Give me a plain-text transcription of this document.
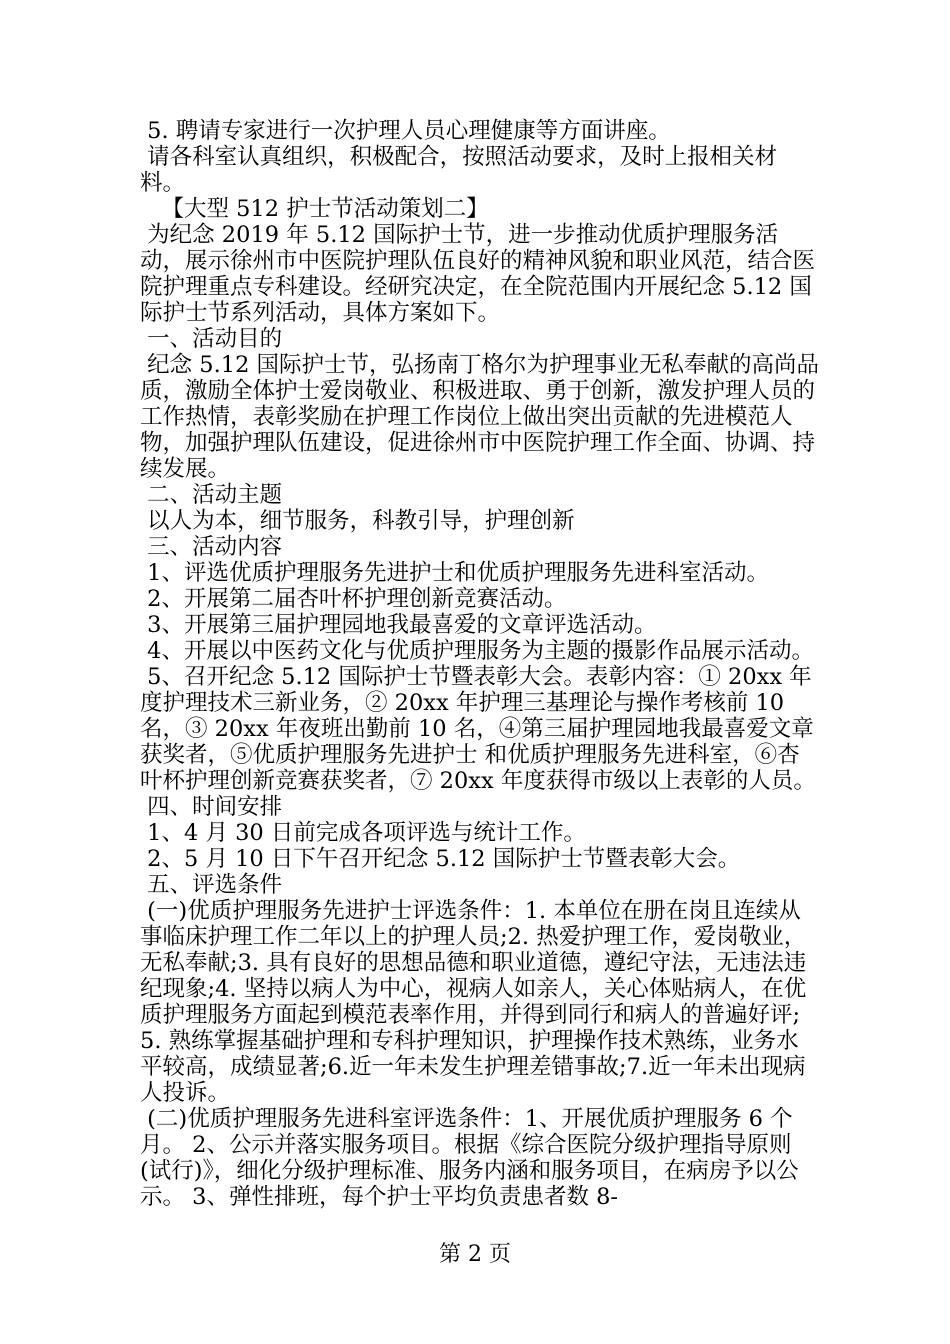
5. 聘请专家进行一次护理人员心理健康等方面讲座。

请各科室认真组织，积极配合，按照活动要求，及时上报相关材料。

【大型 512 护士节活动策划二】

为纪念 2019 年 5.12 国际护士节，进一步推动优质护理服务活动，展示徐州市中医院护理队伍良好的精神风貌和职业风范，结合医院护理重点专科建设。经研究决定，在全院范围内开展纪念 5.12 国际护士节系列活动，具体方案如下。

一、活动目的

纪念 5.12 国际护士节，弘扬南丁格尔为护理事业无私奉献的高尚品质，激励全体护士爱岗敬业、积极进取、勇于创新，激发护理人员的工作热情，表彰奖励在护理工作岗位上做出突出贡献的先进模范人物，加强护理队伍建设，促进徐州市中医院护理工作全面、协调、持续发展。

二、活动主题

以人为本，细节服务，科教引导，护理创新

三、活动内容

1、评选优质护理服务先进护士和优质护理服务先进科室活动。

2、开展第二届杏叶杯护理创新竞赛活动。

3、开展第三届护理园地我最喜爱的文章评选活动。

4、开展以中医药文化与优质护理服务为主题的摄影作品展示活动。

5、召开纪念 5.12 国际护士节暨表彰大会。表彰内容：① 20xx 年度护理技术三新业务，② 20xx 年护理三基理论与操作考核前 10 名，③ 20xx 年夜班出勤前 10 名，④第三届护理园地我最喜爱文章获奖者，⑤优质护理服务先进护士 和优质护理服务先进科室，⑥杏叶杯护理创新竞赛获奖者，⑦ 20xx 年度获得市级以上表彰的人员。

四、时间安排

1、4 月 30 日前完成各项评选与统计工作。

2、5 月 10 日下午召开纪念 5.12 国际护士节暨表彰大会。

五、评选条件

(一)优质护理服务先进护士评选条件：1. 本单位在册在岗且连续从事临床护理工作二年以上的护理人员;2. 热爱护理工作，爱岗敬业，无私奉献;3. 具有良好的思想品德和职业道德，遵纪守法，无违法违纪现象;4. 坚持以病人为中心，视病人如亲人，关心体贴病人，在优质护理服务方面起到模范表率作用，并得到同行和病人的普遍好评;5. 熟练掌握基础护理和专科护理知识，护理操作技术熟练，业务水平较高，成绩显著;6.近一年未发生护理差错事故;7.近一年未出现病人投诉。

(二)优质护理服务先进科室评选条件：1、开展优质护理服务 6 个月。 2、公示并落实服务项目。根据《综合医院分级护理指导原则(试行)》，细化分级护理标准、服务内涵和服务项目，在病房予以公示。 3、弹性排班，每个护士平均负责患者数 8-

第 2 页
